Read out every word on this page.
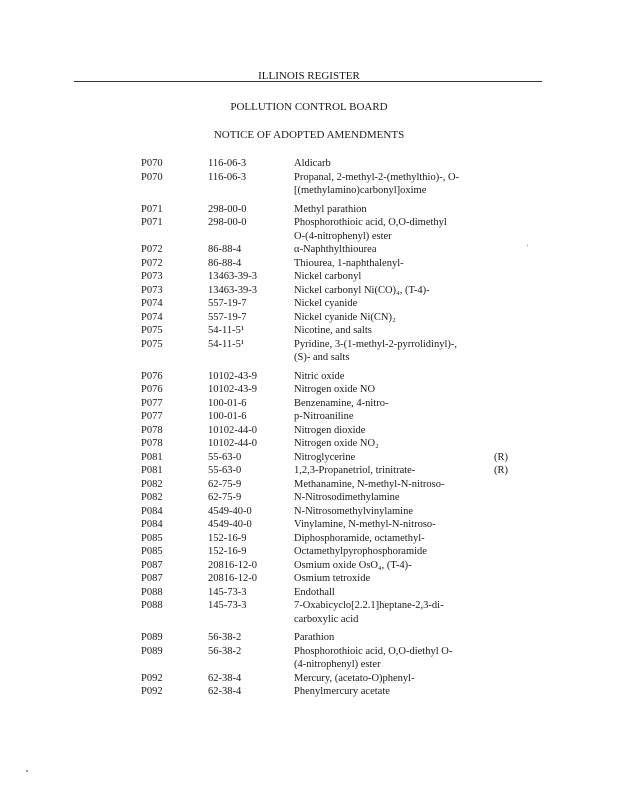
ILLINOIS REGISTER
POLLUTION CONTROL BOARD
NOTICE OF ADOPTED AMENDMENTS
P070	116-06-3	Aldicarb
P070	116-06-3	Propanal, 2-methyl-2-(methylthio)-, O-
[(methylamino)carbonyl]oxime
P071	298-00-0	Methyl parathion
P071	298-00-0	Phosphorothioic acid, O,O-dimethyl
O-(4-nitrophenyl) ester
P072	86-88-4	α-Naphthylthiourea
P072	86-88-4	Thiourea, 1-naphthalenyl-
P073	13463-39-3	Nickel carbonyl
P073	13463-39-3	Nickel carbonyl Ni(CO)₄, (T-4)-
P074	557-19-7	Nickel cyanide
P074	557-19-7	Nickel cyanide Ni(CN)₂
P075	54-11-5¹	Nicotine, and salts
P075	54-11-5¹	Pyridine, 3-(1-methyl-2-pyrrolidinyl)-,
(S)- and salts
P076	10102-43-9	Nitric oxide
P076	10102-43-9	Nitrogen oxide NO
P077	100-01-6	Benzenamine, 4-nitro-
P077	100-01-6	p-Nitroaniline
P078	10102-44-0	Nitrogen dioxide
P078	10102-44-0	Nitrogen oxide NO₂
P081	55-63-0	Nitroglycerine	(R)
P081	55-63-0	1,2,3-Propanetriol, trinitrate-	(R)
P082	62-75-9	Methanamine, N-methyl-N-nitroso-
P082	62-75-9	N-Nitrosodimethylamine
P084	4549-40-0	N-Nitrosomethylvinylamine
P084	4549-40-0	Vinylamine, N-methyl-N-nitroso-
P085	152-16-9	Diphosphoramide, octamethyl-
P085	152-16-9	Octamethylpyrophosphoramide
P087	20816-12-0	Osmium oxide OsO₄, (T-4)-
P087	20816-12-0	Osmium tetroxide
P088	145-73-3	Endothall
P088	145-73-3	7-Oxabicyclo[2.2.1]heptane-2,3-di-
carboxylic acid
P089	56-38-2	Parathion
P089	56-38-2	Phosphorothioic acid, O,O-diethyl O-
(4-nitrophenyl) ester
P092	62-38-4	Mercury, (acetato-O)phenyl-
P092	62-38-4	Phenylmercury acetate
'
